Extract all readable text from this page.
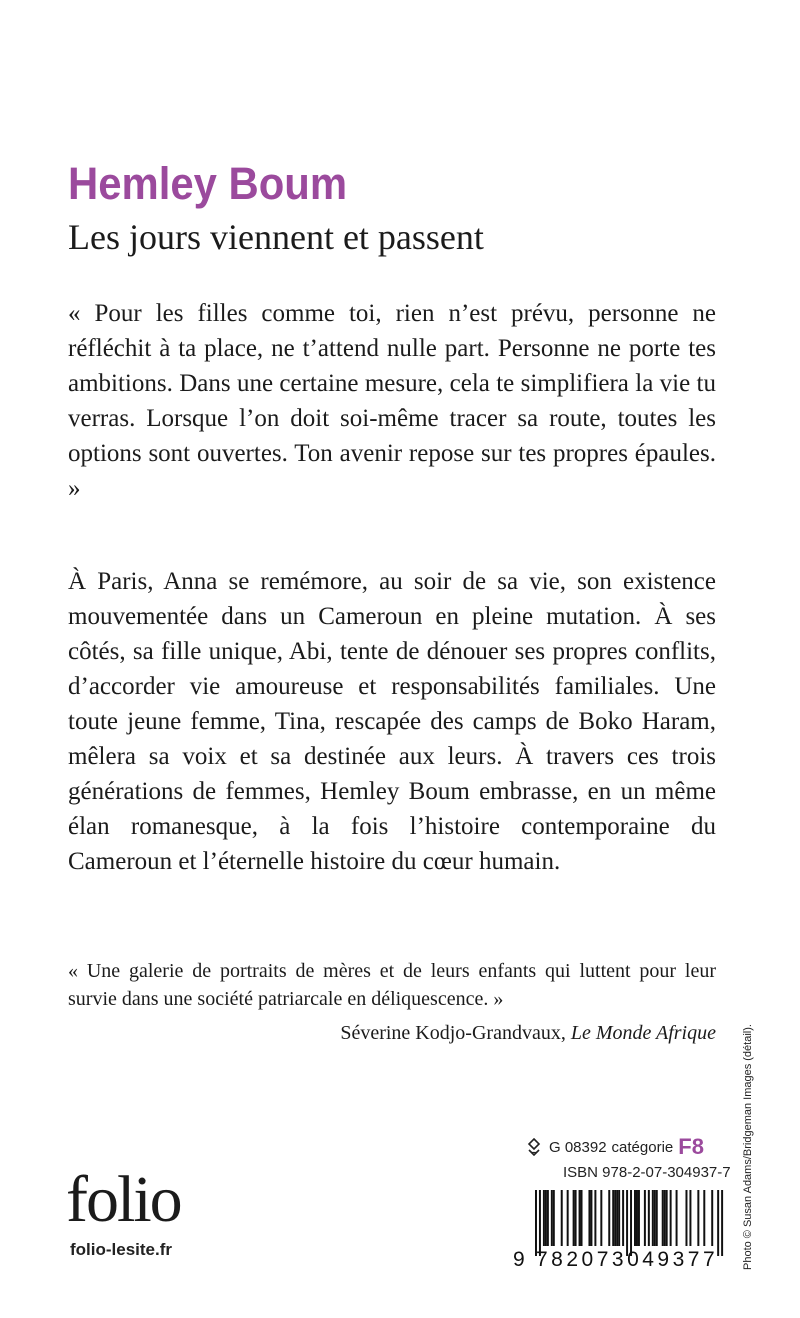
Hemley Boum
Les jours viennent et passent

« Pour les filles comme toi, rien n’est prévu, personne ne réfléchit à ta place, ne t’attend nulle part. Personne ne porte tes ambitions. Dans une certaine mesure, cela te simplifiera la vie tu verras. Lorsque l’on doit soi-même tracer sa route, toutes les options sont ouvertes. Ton avenir repose sur tes propres épaules. »

À Paris, Anna se remémore, au soir de sa vie, son existence mouvementée dans un Cameroun en pleine mutation. À ses côtés, sa fille unique, Abi, tente de dénouer ses propres conflits, d’accorder vie amoureuse et responsabilités familiales. Une toute jeune femme, Tina, rescapée des camps de Boko Haram, mêlera sa voix et sa destinée aux leurs. À travers ces trois générations de femmes, Hemley Boum embrasse, en un même élan romanesque, à la fois l’histoire contemporaine du Cameroun et l’éternelle histoire du cœur humain.

« Une galerie de portraits de mères et de leurs enfants qui luttent pour leur survie dans une société patriarcale en déliquescence. »

Séverine Kodjo-Grandvaux, Le Monde Afrique Photo © Susan Adams/Bridgeman Images (détail).
G 08392 catégorie F8
ISBN 978-2-07-304937-7
9 782073049377
folio
folio-lesite.fr
